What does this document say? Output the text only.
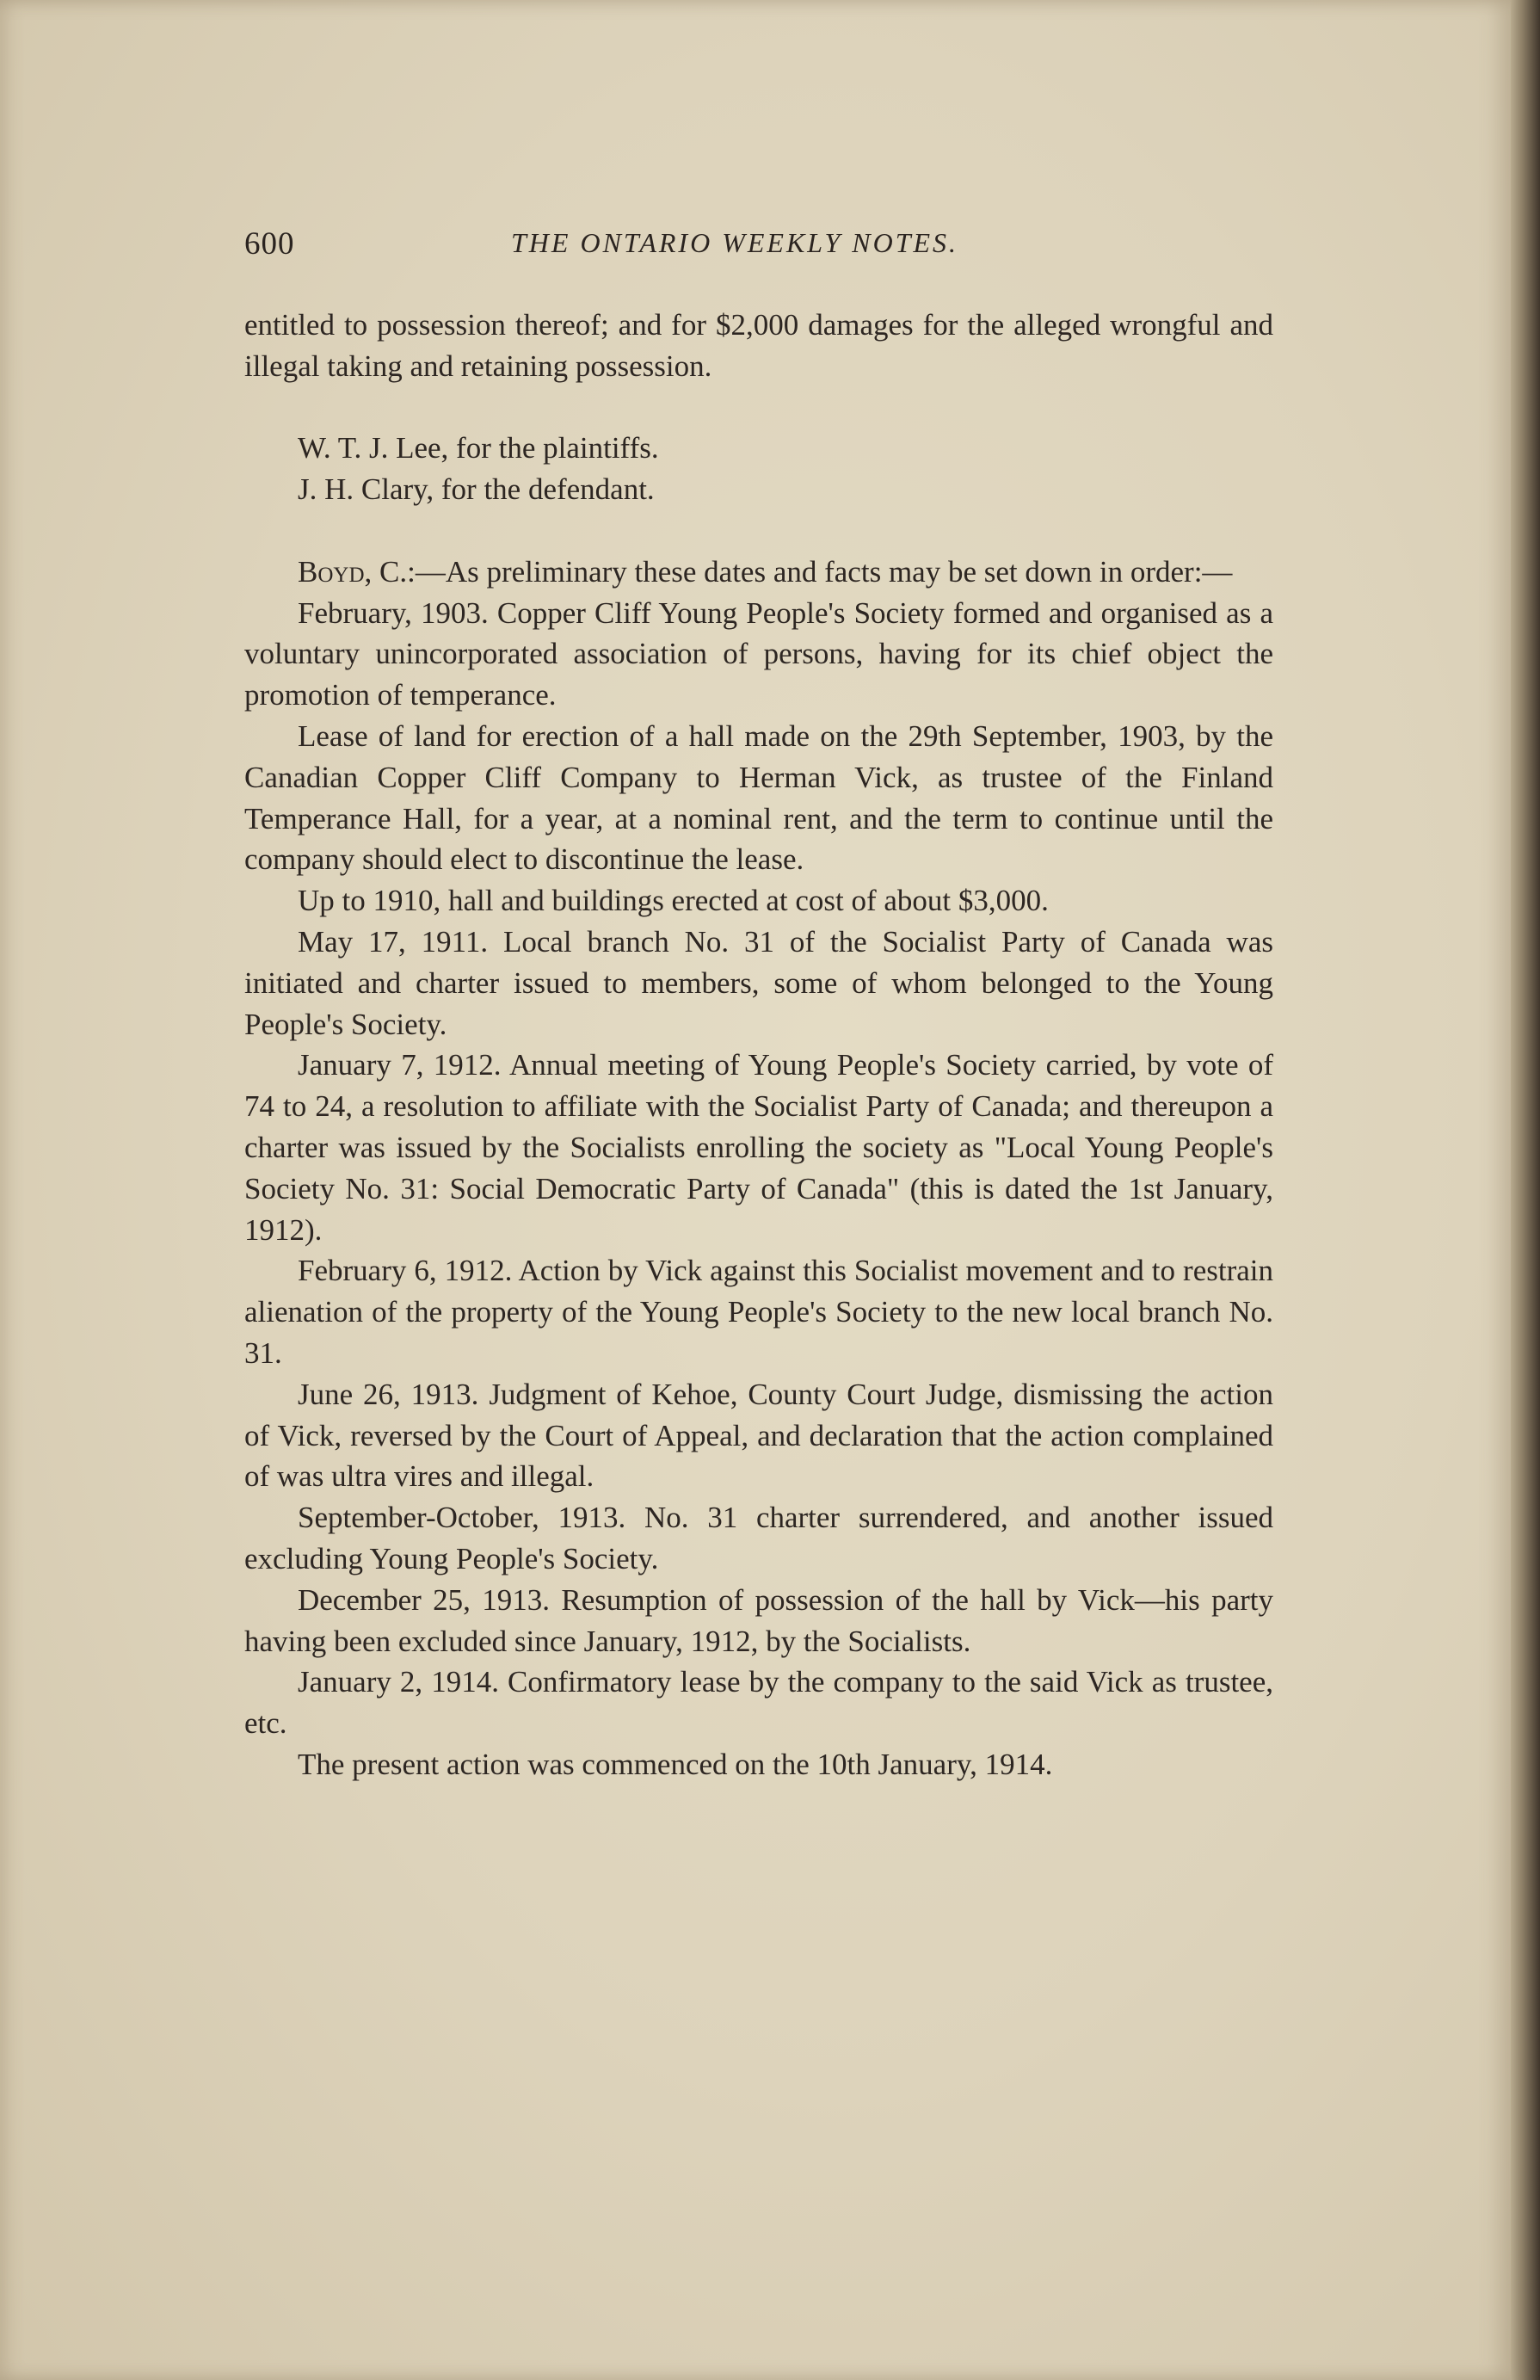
600	THE ONTARIO WEEKLY NOTES.

entitled to possession thereof; and for $2,000 damages for the alleged wrongful and illegal taking and retaining possession.

W. T. J. Lee, for the plaintiffs.

J. H. Clary, for the defendant.

Boyd, C.:—As preliminary these dates and facts may be set down in order:—

February, 1903. Copper Cliff Young People's Society formed and organised as a voluntary unincorporated association of persons, having for its chief object the promotion of temperance.

Lease of land for erection of a hall made on the 29th September, 1903, by the Canadian Copper Cliff Company to Herman Vick, as trustee of the Finland Temperance Hall, for a year, at a nominal rent, and the term to continue until the company should elect to discontinue the lease.

Up to 1910, hall and buildings erected at cost of about $3,000.

May 17, 1911. Local branch No. 31 of the Socialist Party of Canada was initiated and charter issued to members, some of whom belonged to the Young People's Society.

January 7, 1912. Annual meeting of Young People's Society carried, by vote of 74 to 24, a resolution to affiliate with the Socialist Party of Canada; and thereupon a charter was issued by the Socialists enrolling the society as "Local Young People's Society No. 31: Social Democratic Party of Canada" (this is dated the 1st January, 1912).

February 6, 1912. Action by Vick against this Socialist movement and to restrain alienation of the property of the Young People's Society to the new local branch No. 31.

June 26, 1913. Judgment of Kehoe, County Court Judge, dismissing the action of Vick, reversed by the Court of Appeal, and declaration that the action complained of was ultra vires and illegal.

September-October, 1913. No. 31 charter surrendered, and another issued excluding Young People's Society.

December 25, 1913. Resumption of possession of the hall by Vick—his party having been excluded since January, 1912, by the Socialists.

January 2, 1914. Confirmatory lease by the company to the said Vick as trustee, etc.

The present action was commenced on the 10th January, 1914.
